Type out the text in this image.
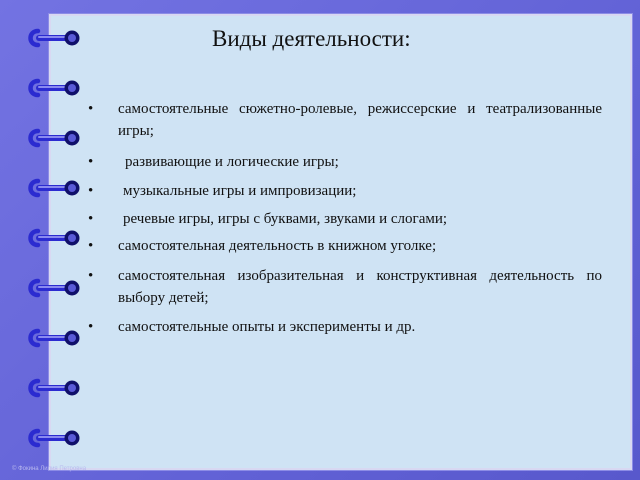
Виды деятельности:
•	самостоятельные сюжетно-ролевые, режиссерские и театрализованные игры;
•	развивающие и логические игры;
•	музыкальные игры и импровизации;
•	речевые игры, игры с буквами, звуками и слогами;
•	самостоятельная деятельность в книжном уголке;
•	самостоятельная изобразительная и конструктивная деятельность по выбору детей;
•	самостоятельные опыты и эксперименты и др.
© Фокина Лилия Петровна
